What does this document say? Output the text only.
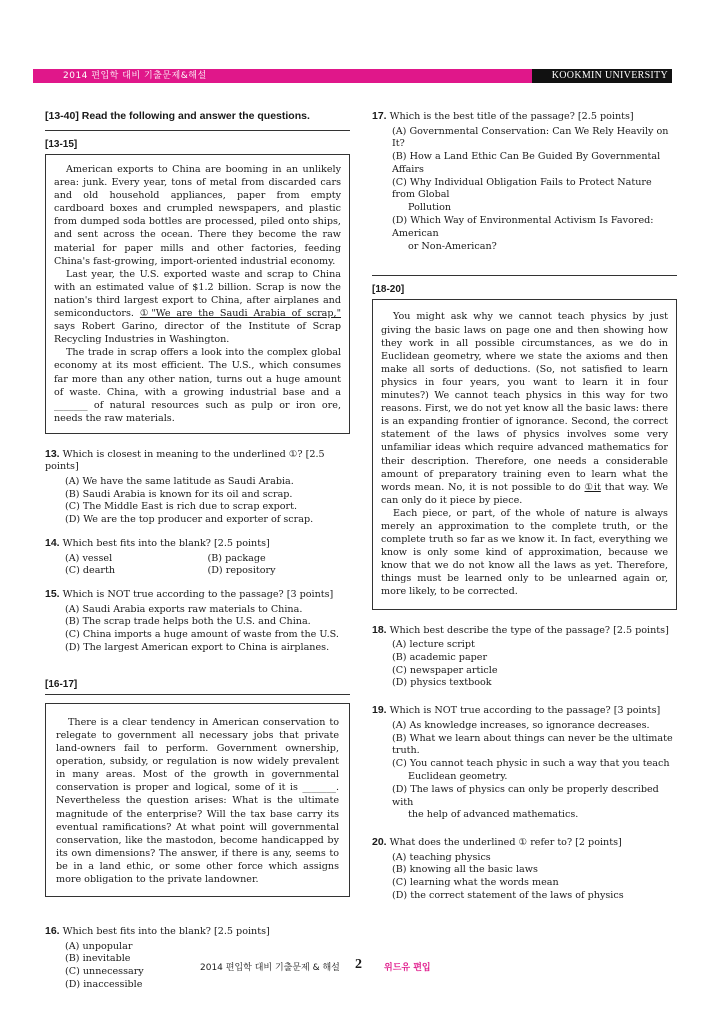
2014 편입학 대비 기출문제&해설	KOOKMIN UNIVERSITY
[13-40] Read the following and answer the questions.
[13-15]

American exports to China are booming in an unlikely area: junk. Every year, tons of metal from discarded cars and old household appliances, paper from empty cardboard boxes and crumpled newspapers, and plastic from dumped soda bottles are processed, piled onto ships, and sent across the ocean. There they become the raw material for paper mills and other factories, feeding China's fast-growing, import-oriented industrial economy.

Last year, the U.S. exported waste and scrap to China with an estimated value of $1.2 billion. Scrap is now the nation's third largest export to China, after airplanes and semiconductors. ①"We are the Saudi Arabia of scrap," says Robert Garino, director of the Institute of Scrap Recycling Industries in Washington.

The trade in scrap offers a look into the complex global economy at its most efficient. The U.S., which consumes far more than any other nation, turns out a huge amount of waste. China, with a growing industrial base and a _______ of natural resources such as pulp or iron ore, needs the raw materials.

13. Which is closest in meaning to the underlined ①? [2.5 points]
(A) We have the same latitude as Saudi Arabia.
(B) Saudi Arabia is known for its oil and scrap.
(C) The Middle East is rich due to scrap export.
(D) We are the top producer and exporter of scrap.
14. Which best fits into the blank? [2.5 points]
(A) vessel	(B) package
(C) dearth	(D) repository
15. Which is NOT true according to the passage? [3 points]
(A) Saudi Arabia exports raw materials to China.
(B) The scrap trade helps both the U.S. and China.
(C) China imports a huge amount of waste from the U.S.
(D) The largest American export to China is airplanes.
[16-17]

There is a clear tendency in American conservation to relegate to government all necessary jobs that private land-owners fail to perform. Government ownership, operation, subsidy, or regulation is now widely prevalent in many areas. Most of the growth in governmental conservation is proper and logical, some of it is _______. Nevertheless the question arises: What is the ultimate magnitude of the enterprise? Will the tax base carry its eventual ramifications? At what point will governmental conservation, like the mastodon, become handicapped by its own dimensions? The answer, if there is any, seems to be in a land ethic, or some other force which assigns more obligation to the private landowner.

16. Which best fits into the blank? [2.5 points]
(A) unpopular
(B) inevitable
(C) unnecessary
(D) inaccessible
17. Which is the best title of the passage? [2.5 points]
(A) Governmental Conservation: Can We Rely Heavily on It?
(B) How a Land Ethic Can Be Guided By Governmental Affairs
(C) Why Individual Obligation Fails to Protect Nature from Global
Pollution
(D) Which Way of Environmental Activism Is Favored: American
or Non-American?
[18-20]

You might ask why we cannot teach physics by just giving the basic laws on page one and then showing how they work in all possible circumstances, as we do in Euclidean geometry, where we state the axioms and then make all sorts of deductions. (So, not satisfied to learn physics in four years, you want to learn it in four minutes?) We cannot teach physics in this way for two reasons. First, we do not yet know all the basic laws: there is an expanding frontier of ignorance. Second, the correct statement of the laws of physics involves some very unfamiliar ideas which require advanced mathematics for their description. Therefore, one needs a considerable amount of preparatory training even to learn what the words mean. No, it is not possible to do ①it that way. We can only do it piece by piece.

Each piece, or part, of the whole of nature is always merely an approximation to the complete truth, or the complete truth so far as we know it. In fact, everything we know is only some kind of approximation, because we know that we do not know all the laws as yet. Therefore, things must be learned only to be unlearned again or, more likely, to be corrected.

18. Which best describe the type of the passage? [2.5 points]
(A) lecture script
(B) academic paper
(C) newspaper article
(D) physics textbook
19. Which is NOT true according to the passage? [3 points]
(A) As knowledge increases, so ignorance decreases.
(B) What we learn about things can never be the ultimate truth.
(C) You cannot teach physic in such a way that you teach
Euclidean geometry.
(D) The laws of physics can only be properly described with
the help of advanced mathematics.
20. What does the underlined ① refer to? [2 points]
(A) teaching physics
(B) knowing all the basic laws
(C) learning what the words mean
(D) the correct statement of the laws of physics
2014 편입학 대비 기출문제 & 해설 2 위드유 편입
